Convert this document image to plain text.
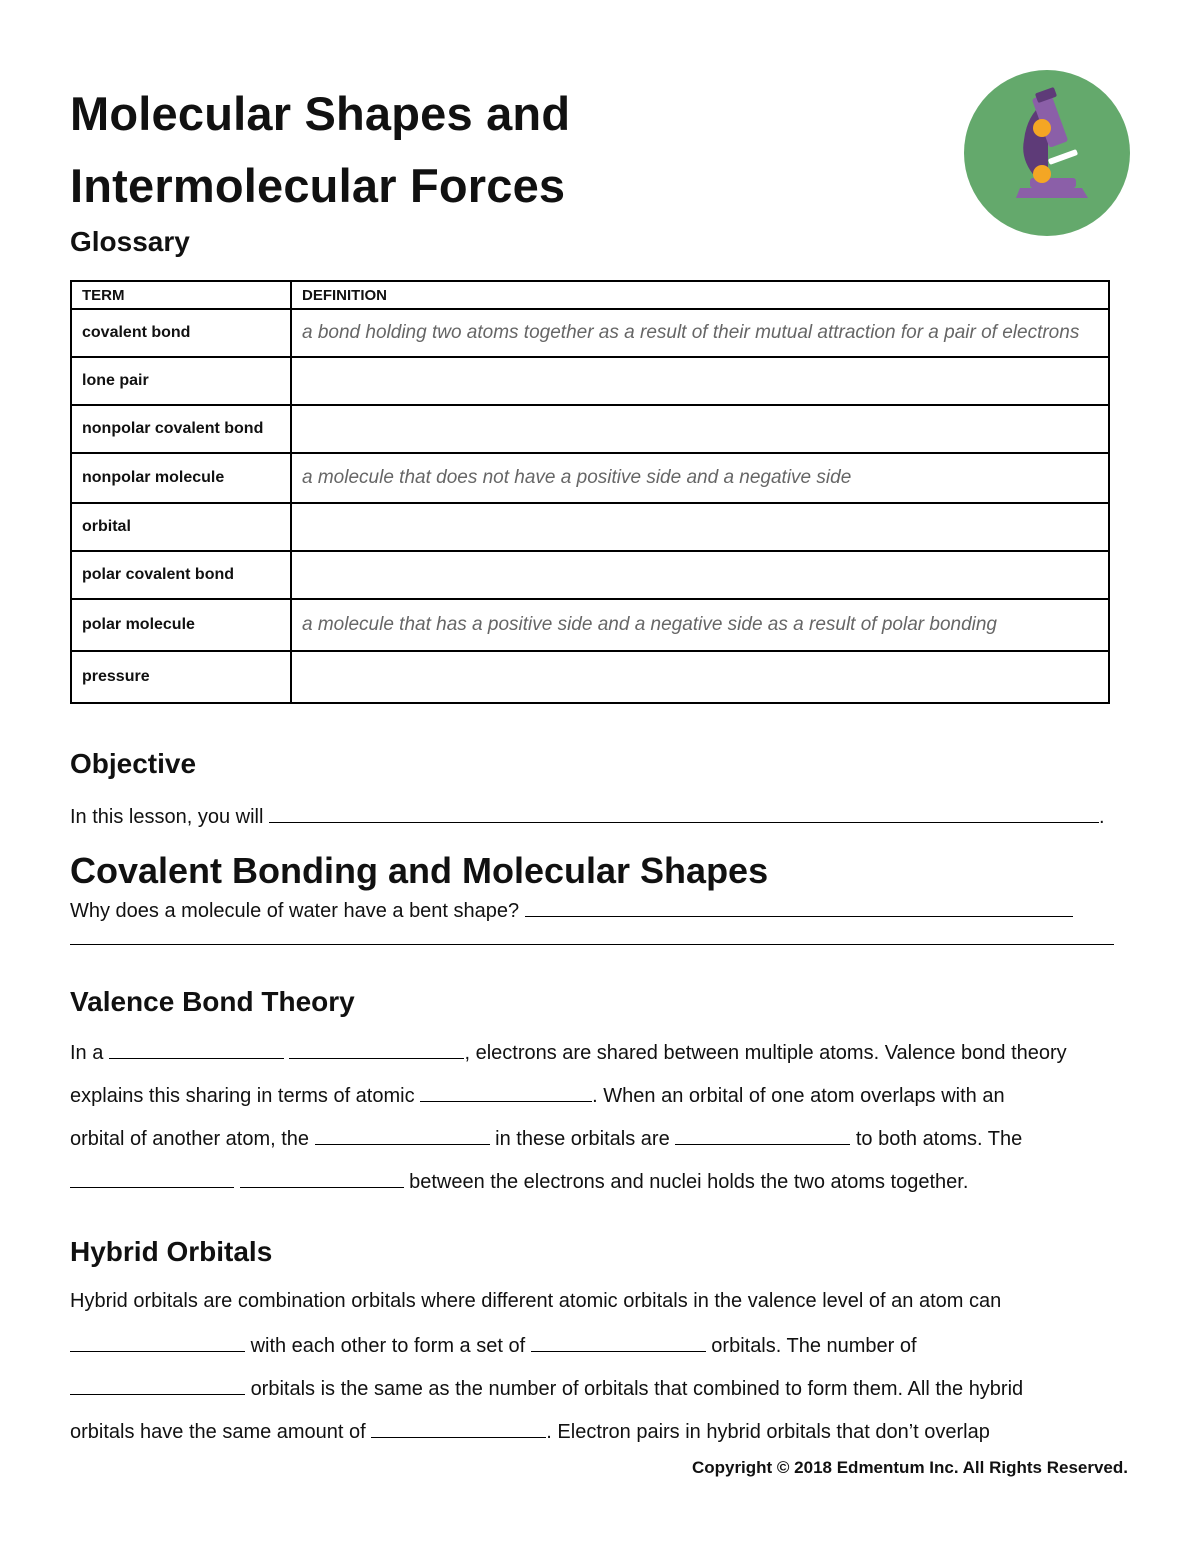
Molecular Shapes and
Intermolecular Forces
Glossary
TERM	DEFINITION
covalent bond	a bond holding two atoms together as a result of their mutual attraction for a pair of electrons
lone pair	
nonpolar covalent bond	
nonpolar molecule	a molecule that does not have a positive side and a negative side
orbital	
polar covalent bond	
polar molecule	a molecule that has a positive side and a negative side as a result of polar bonding
pressure	
Objective
In this lesson, you will	.
Covalent Bonding and Molecular Shapes
Why does a molecule of water have a bent shape?
Valence Bond Theory
In a	, electrons are shared between multiple atoms. Valence bond theory
explains this sharing in terms of atomic	. When an orbital of one atom overlaps with an
orbital of another atom, the	in these orbitals are	to both atoms. The
between the electrons and nuclei holds the two atoms together.
Hybrid Orbitals
Hybrid orbitals are combination orbitals where different atomic orbitals in the valence level of an atom can
with each other to form a set of	orbitals. The number of
orbitals is the same as the number of orbitals that combined to form them. All the hybrid
orbitals have the same amount of	. Electron pairs in hybrid orbitals that don’t overlap
Copyright © 2018 Edmentum Inc. All Rights Reserved.
